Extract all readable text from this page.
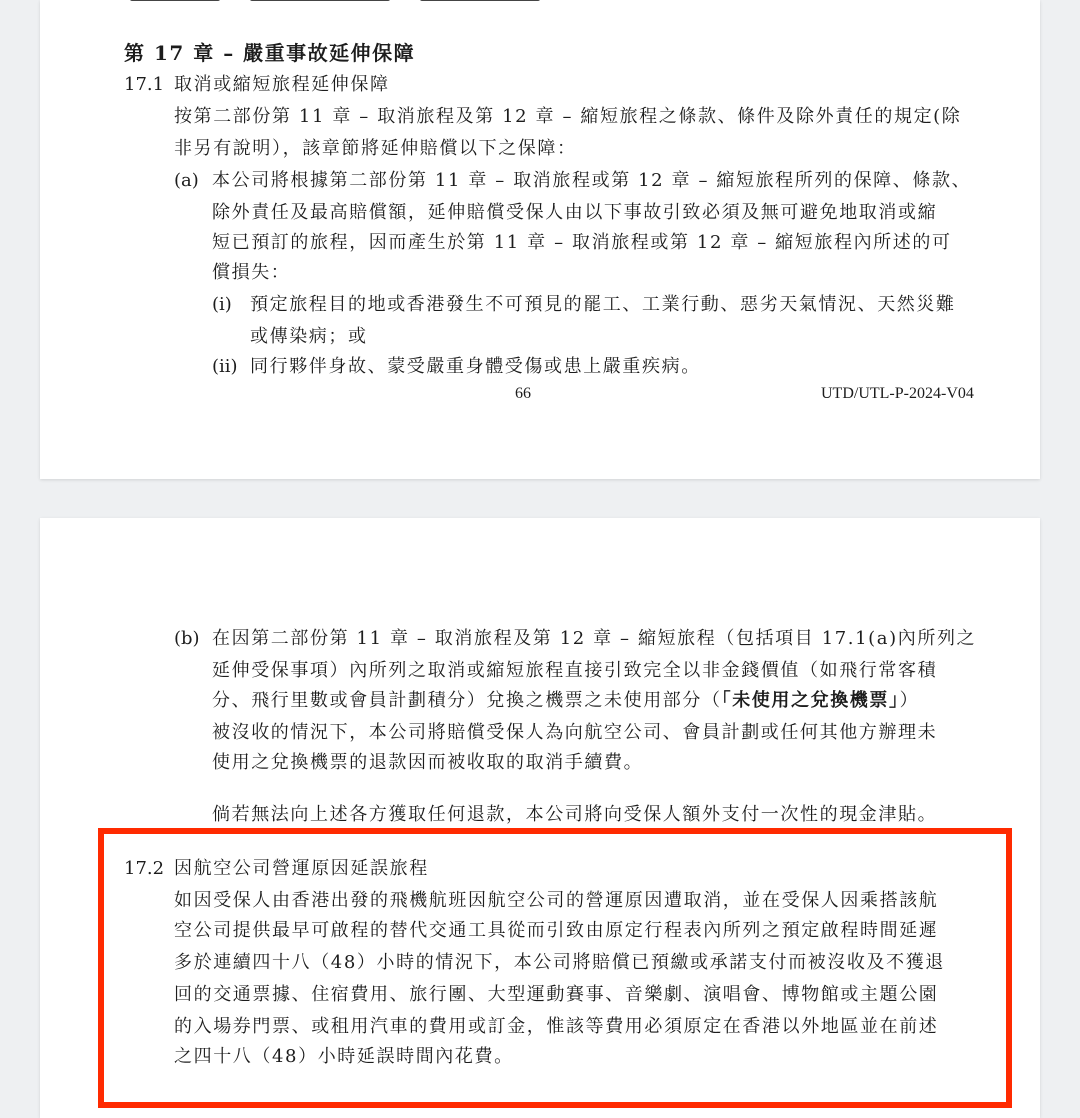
第 17 章 – 嚴重事故延伸保障
17.1 取消或縮短旅程延伸保障
按第二部份第 11 章 – 取消旅程及第 12 章 – 縮短旅程之條款、條件及除外責任的規定(除
非另有說明），該章節將延伸賠償以下之保障：
(a) 本公司將根據第二部份第 11 章 – 取消旅程或第 12 章 – 縮短旅程所列的保障、條款、
除外責任及最高賠償額，延伸賠償受保人由以下事故引致必須及無可避免地取消或縮
短已預訂的旅程，因而產生於第 11 章 – 取消旅程或第 12 章 – 縮短旅程內所述的可
償損失：
(i) 預定旅程目的地或香港發生不可預見的罷工、工業行動、惡劣天氣情況、天然災難
或傳染病；或
(ii) 同行夥伴身故、蒙受嚴重身體受傷或患上嚴重疾病。
66	UTD/UTL-P-2024-V04
(b) 在因第二部份第 11 章 – 取消旅程及第 12 章 – 縮短旅程（包括項目 17.1(a)內所列之
延伸受保事項）內所列之取消或縮短旅程直接引致完全以非金錢價值（如飛行常客積
分、飛行里數或會員計劃積分）兌換之機票之未使用部分（「未使用之兌換機票」）
被沒收的情況下，本公司將賠償受保人為向航空公司、會員計劃或任何其他方辦理未
使用之兌換機票的退款因而被收取的取消手續費。
倘若無法向上述各方獲取任何退款，本公司將向受保人額外支付一次性的現金津貼。
17.2 因航空公司營運原因延誤旅程
如因受保人由香港出發的飛機航班因航空公司的營運原因遭取消，並在受保人因乘搭該航
空公司提供最早可啟程的替代交通工具從而引致由原定行程表內所列之預定啟程時間延遲
多於連續四十八（48）小時的情況下，本公司將賠償已預繳或承諾支付而被沒收及不獲退
回的交通票據、住宿費用、旅行團、大型運動賽事、音樂劇、演唱會、博物館或主題公園
的入場券門票、或租用汽車的費用或訂金，惟該等費用必須原定在香港以外地區並在前述
之四十八（48）小時延誤時間內花費。
